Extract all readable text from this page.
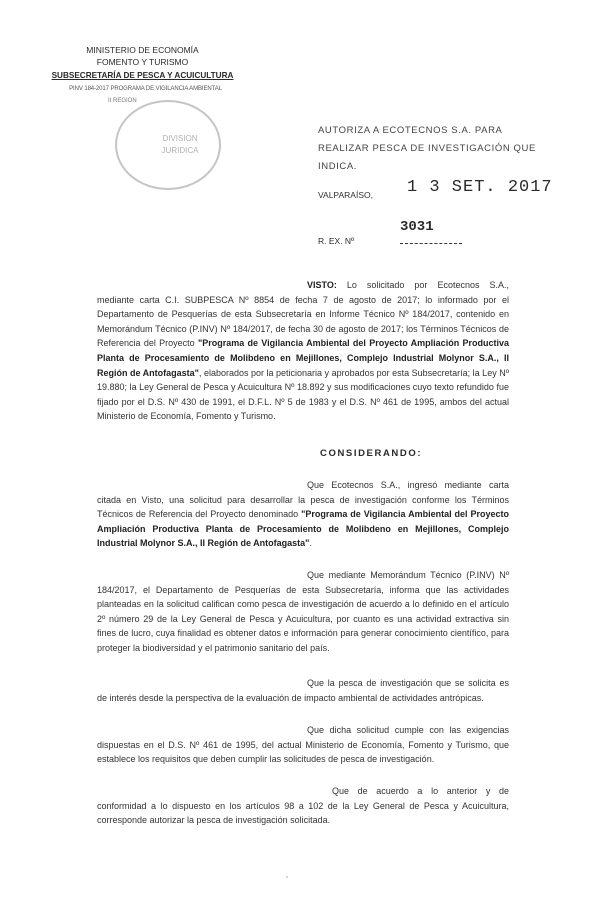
MINISTERIO DE ECONOMÍA
FOMENTO Y TURISMO
SUBSECRETARÍA DE PESCA Y ACUICULTURA
PINV 184-2017 PROGRAMA DE VIGILANCIA AMBIENTAL
II REGION
DIVISION
JURIDICA
AUTORIZA A ECOTECNOS S.A. PARA REALIZAR PESCA DE INVESTIGACIÓN QUE INDICA.
VALPARAÍSO, 1 3 SET. 2017
R. EX. Nº
3031
VISTO: Lo solicitado por Ecotecnos S.A., mediante carta C.I. SUBPESCA Nº 8854 de fecha 7 de agosto de 2017; lo informado por el Departamento de Pesquerías de esta Subsecretaría en Informe Técnico Nº 184/2017, contenido en Memorándum Técnico (P.INV) Nº 184/2017, de fecha 30 de agosto de 2017; los Términos Técnicos de Referencia del Proyecto "Programa de Vigilancia Ambiental del Proyecto Ampliación Productiva Planta de Procesamiento de Molibdeno en Mejillones, Complejo Industrial Molynor S.A., II Región de Antofagasta", elaborados por la peticionaria y aprobados por esta Subsecretaría; la Ley Nº 19.880; la Ley General de Pesca y Acuicultura Nº 18.892 y sus modificaciones cuyo texto refundido fue fijado por el D.S. Nº 430 de 1991, el D.F.L. Nº 5 de 1983 y el D.S. Nº 461 de 1995, ambos del actual Ministerio de Economía, Fomento y Turismo.
CONSIDERANDO:
Que Ecotecnos S.A., ingresó mediante carta citada en Visto, una solicitud para desarrollar la pesca de investigación conforme los Términos Técnicos de Referencia del Proyecto denominado "Programa de Vigilancia Ambiental del Proyecto Ampliación Productiva Planta de Procesamiento de Molibdeno en Mejillones, Complejo Industrial Molynor S.A., II Región de Antofagasta".
Que mediante Memorándum Técnico (P.INV) Nº 184/2017, el Departamento de Pesquerías de esta Subsecretaría, informa que las actividades planteadas en la solicitud califican como pesca de investigación de acuerdo a lo definido en el artículo 2º número 29 de la Ley General de Pesca y Acuicultura, por cuanto es una actividad extractiva sin fines de lucro, cuya finalidad es obtener datos e información para generar conocimiento científico, para proteger la biodiversidad y el patrimonio sanitario del país.
Que la pesca de investigación que se solicita es de interés desde la perspectiva de la evaluación de impacto ambiental de actividades antrópicas.
Que dicha solicitud cumple con las exigencias dispuestas en el D.S. Nº 461 de 1995, del actual Ministerio de Economía, Fomento y Turismo, que establece los requisitos que deben cumplir las solicitudes de pesca de investigación.
Que de acuerdo a lo anterior y de conformidad a lo dispuesto en los artículos 98 a 102 de la Ley General de Pesca y Acuicultura, corresponde autorizar la pesca de investigación solicitada.
'
